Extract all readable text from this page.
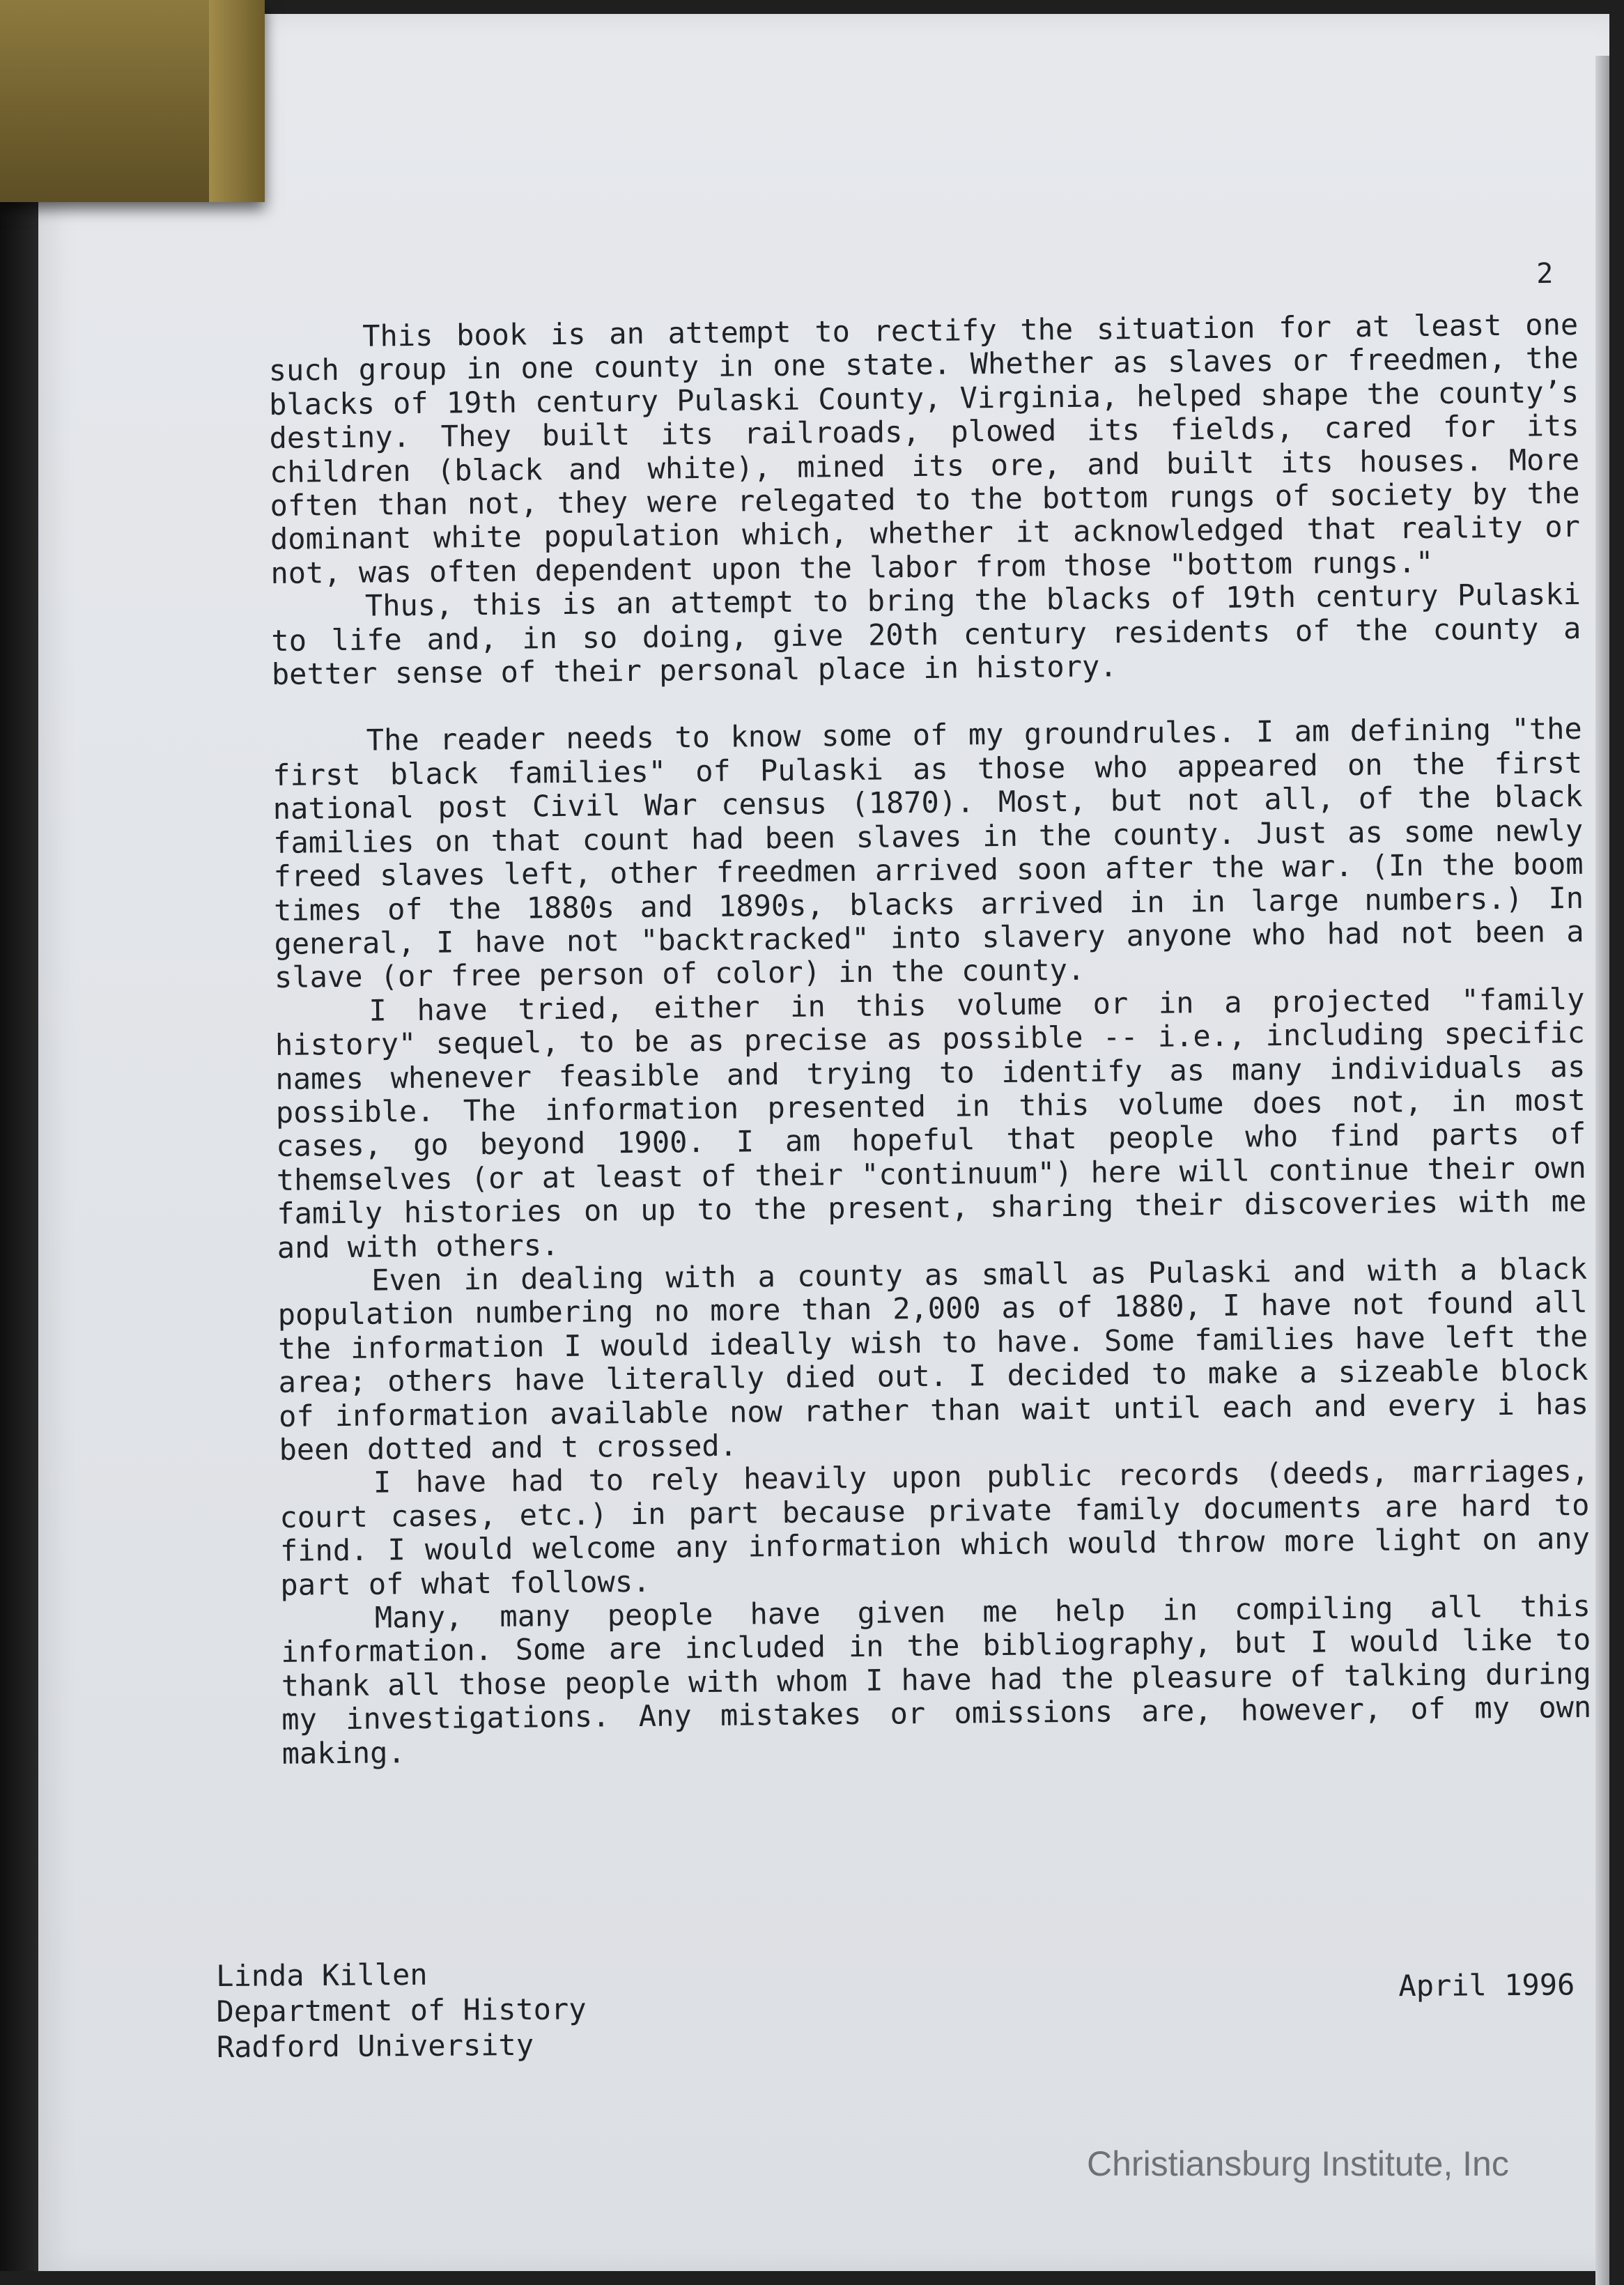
2

This book is an attempt to rectify the situation for at least one such group in one county in one state. Whether as slaves or freedmen, the blacks of 19th century Pulaski County, Virginia, helped shape the county’s destiny. They built its railroads, plowed its fields, cared for its children (black and white), mined its ore, and built its houses. More often than not, they were relegated to the bottom rungs of society by the dominant white population which, whether it acknowledged that reality or not, was often dependent upon the labor from those "bottom rungs."

Thus, this is an attempt to bring the blacks of 19th century Pulaski to life and, in so doing, give 20th century residents of the county a better sense of their personal place in history.

The reader needs to know some of my groundrules. I am defining "the first black families" of Pulaski as those who appeared on the first national post Civil War census (1870). Most, but not all, of the black families on that count had been slaves in the county. Just as some newly freed slaves left, other freedmen arrived soon after the war. (In the boom times of the 1880s and 1890s, blacks arrived in in large numbers.) In general, I have not "backtracked" into slavery anyone who had not been a slave (or free person of color) in the county.

I have tried, either in this volume or in a projected "family history" sequel, to be as precise as possible -- i.e., including specific names whenever feasible and trying to identify as many individuals as possible. The information presented in this volume does not, in most cases, go beyond 1900. I am hopeful that people who find parts of themselves (or at least of their "continuum") here will continue their own family histories on up to the present, sharing their discoveries with me and with others.

Even in dealing with a county as small as Pulaski and with a black population numbering no more than 2,000 as of 1880, I have not found all the information I would ideally wish to have. Some families have left the area; others have literally died out. I decided to make a sizeable block of information available now rather than wait until each and every i has been dotted and t crossed.

I have had to rely heavily upon public records (deeds, marriages, court cases, etc.) in part because private family documents are hard to find. I would welcome any information which would throw more light on any part of what follows.

Many, many people have given me help in compiling all this information. Some are included in the bibliography, but I would like to thank all those people with whom I have had the pleasure of talking during my investigations. Any mistakes or omissions are, however, of my own making.

Linda Killen
Department of History
Radford University
April 1996
Christiansburg Institute, Inc
